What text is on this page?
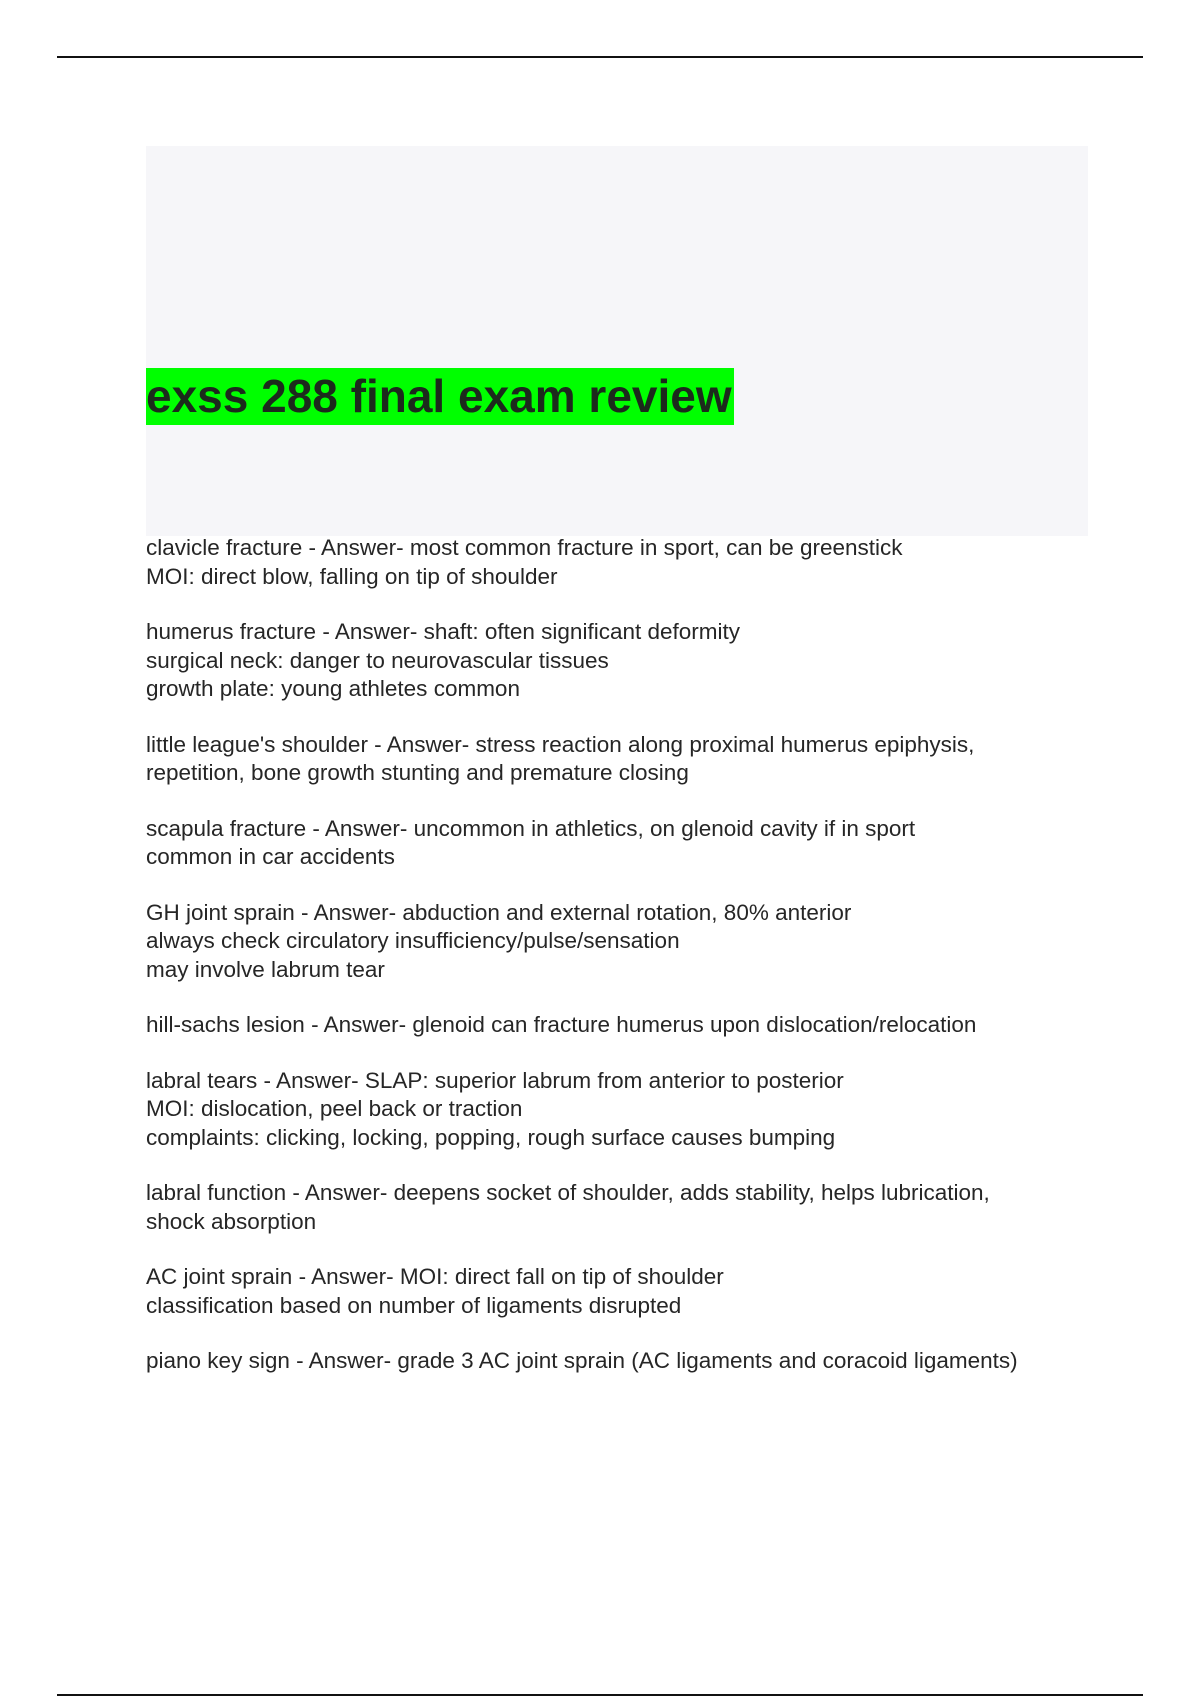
exss 288 final exam review
clavicle fracture - Answer- most common fracture in sport, can be greenstick
MOI: direct blow, falling on tip of shoulder
humerus fracture - Answer- shaft: often significant deformity
surgical neck: danger to neurovascular tissues
growth plate: young athletes common
little league's shoulder - Answer- stress reaction along proximal humerus epiphysis,
repetition, bone growth stunting and premature closing
scapula fracture - Answer- uncommon in athletics, on glenoid cavity if in sport
common in car accidents
GH joint sprain - Answer- abduction and external rotation, 80% anterior
always check circulatory insufficiency/pulse/sensation
may involve labrum tear
hill-sachs lesion - Answer- glenoid can fracture humerus upon dislocation/relocation
labral tears - Answer- SLAP: superior labrum from anterior to posterior
MOI: dislocation, peel back or traction
complaints: clicking, locking, popping, rough surface causes bumping
labral function - Answer- deepens socket of shoulder, adds stability, helps lubrication,
shock absorption
AC joint sprain - Answer- MOI: direct fall on tip of shoulder
classification based on number of ligaments disrupted
piano key sign - Answer- grade 3 AC joint sprain (AC ligaments and coracoid ligaments)
